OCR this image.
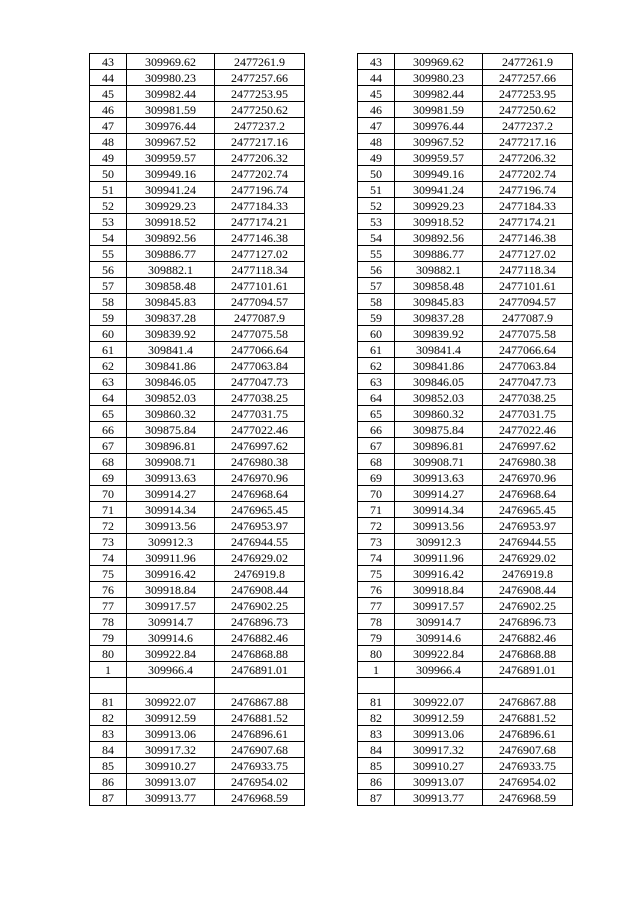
43	309969.62	2477261.9
44	309980.23	2477257.66
45	309982.44	2477253.95
46	309981.59	2477250.62
47	309976.44	2477237.2
48	309967.52	2477217.16
49	309959.57	2477206.32
50	309949.16	2477202.74
51	309941.24	2477196.74
52	309929.23	2477184.33
53	309918.52	2477174.21
54	309892.56	2477146.38
55	309886.77	2477127.02
56	309882.1	2477118.34
57	309858.48	2477101.61
58	309845.83	2477094.57
59	309837.28	2477087.9
60	309839.92	2477075.58
61	309841.4	2477066.64
62	309841.86	2477063.84
63	309846.05	2477047.73
64	309852.03	2477038.25
65	309860.32	2477031.75
66	309875.84	2477022.46
67	309896.81	2476997.62
68	309908.71	2476980.38
69	309913.63	2476970.96
70	309914.27	2476968.64
71	309914.34	2476965.45
72	309913.56	2476953.97
73	309912.3	2476944.55
74	309911.96	2476929.02
75	309916.42	2476919.8
76	309918.84	2476908.44
77	309917.57	2476902.25
78	309914.7	2476896.73
79	309914.6	2476882.46
80	309922.84	2476868.88
1	309966.4	2476891.01

81	309922.07	2476867.88
82	309912.59	2476881.52
83	309913.06	2476896.61
84	309917.32	2476907.68
85	309910.27	2476933.75
86	309913.07	2476954.02
87	309913.77	2476968.59
43	309969.62	2477261.9
44	309980.23	2477257.66
45	309982.44	2477253.95
46	309981.59	2477250.62
47	309976.44	2477237.2
48	309967.52	2477217.16
49	309959.57	2477206.32
50	309949.16	2477202.74
51	309941.24	2477196.74
52	309929.23	2477184.33
53	309918.52	2477174.21
54	309892.56	2477146.38
55	309886.77	2477127.02
56	309882.1	2477118.34
57	309858.48	2477101.61
58	309845.83	2477094.57
59	309837.28	2477087.9
60	309839.92	2477075.58
61	309841.4	2477066.64
62	309841.86	2477063.84
63	309846.05	2477047.73
64	309852.03	2477038.25
65	309860.32	2477031.75
66	309875.84	2477022.46
67	309896.81	2476997.62
68	309908.71	2476980.38
69	309913.63	2476970.96
70	309914.27	2476968.64
71	309914.34	2476965.45
72	309913.56	2476953.97
73	309912.3	2476944.55
74	309911.96	2476929.02
75	309916.42	2476919.8
76	309918.84	2476908.44
77	309917.57	2476902.25
78	309914.7	2476896.73
79	309914.6	2476882.46
80	309922.84	2476868.88
1	309966.4	2476891.01

81	309922.07	2476867.88
82	309912.59	2476881.52
83	309913.06	2476896.61
84	309917.32	2476907.68
85	309910.27	2476933.75
86	309913.07	2476954.02
87	309913.77	2476968.59
